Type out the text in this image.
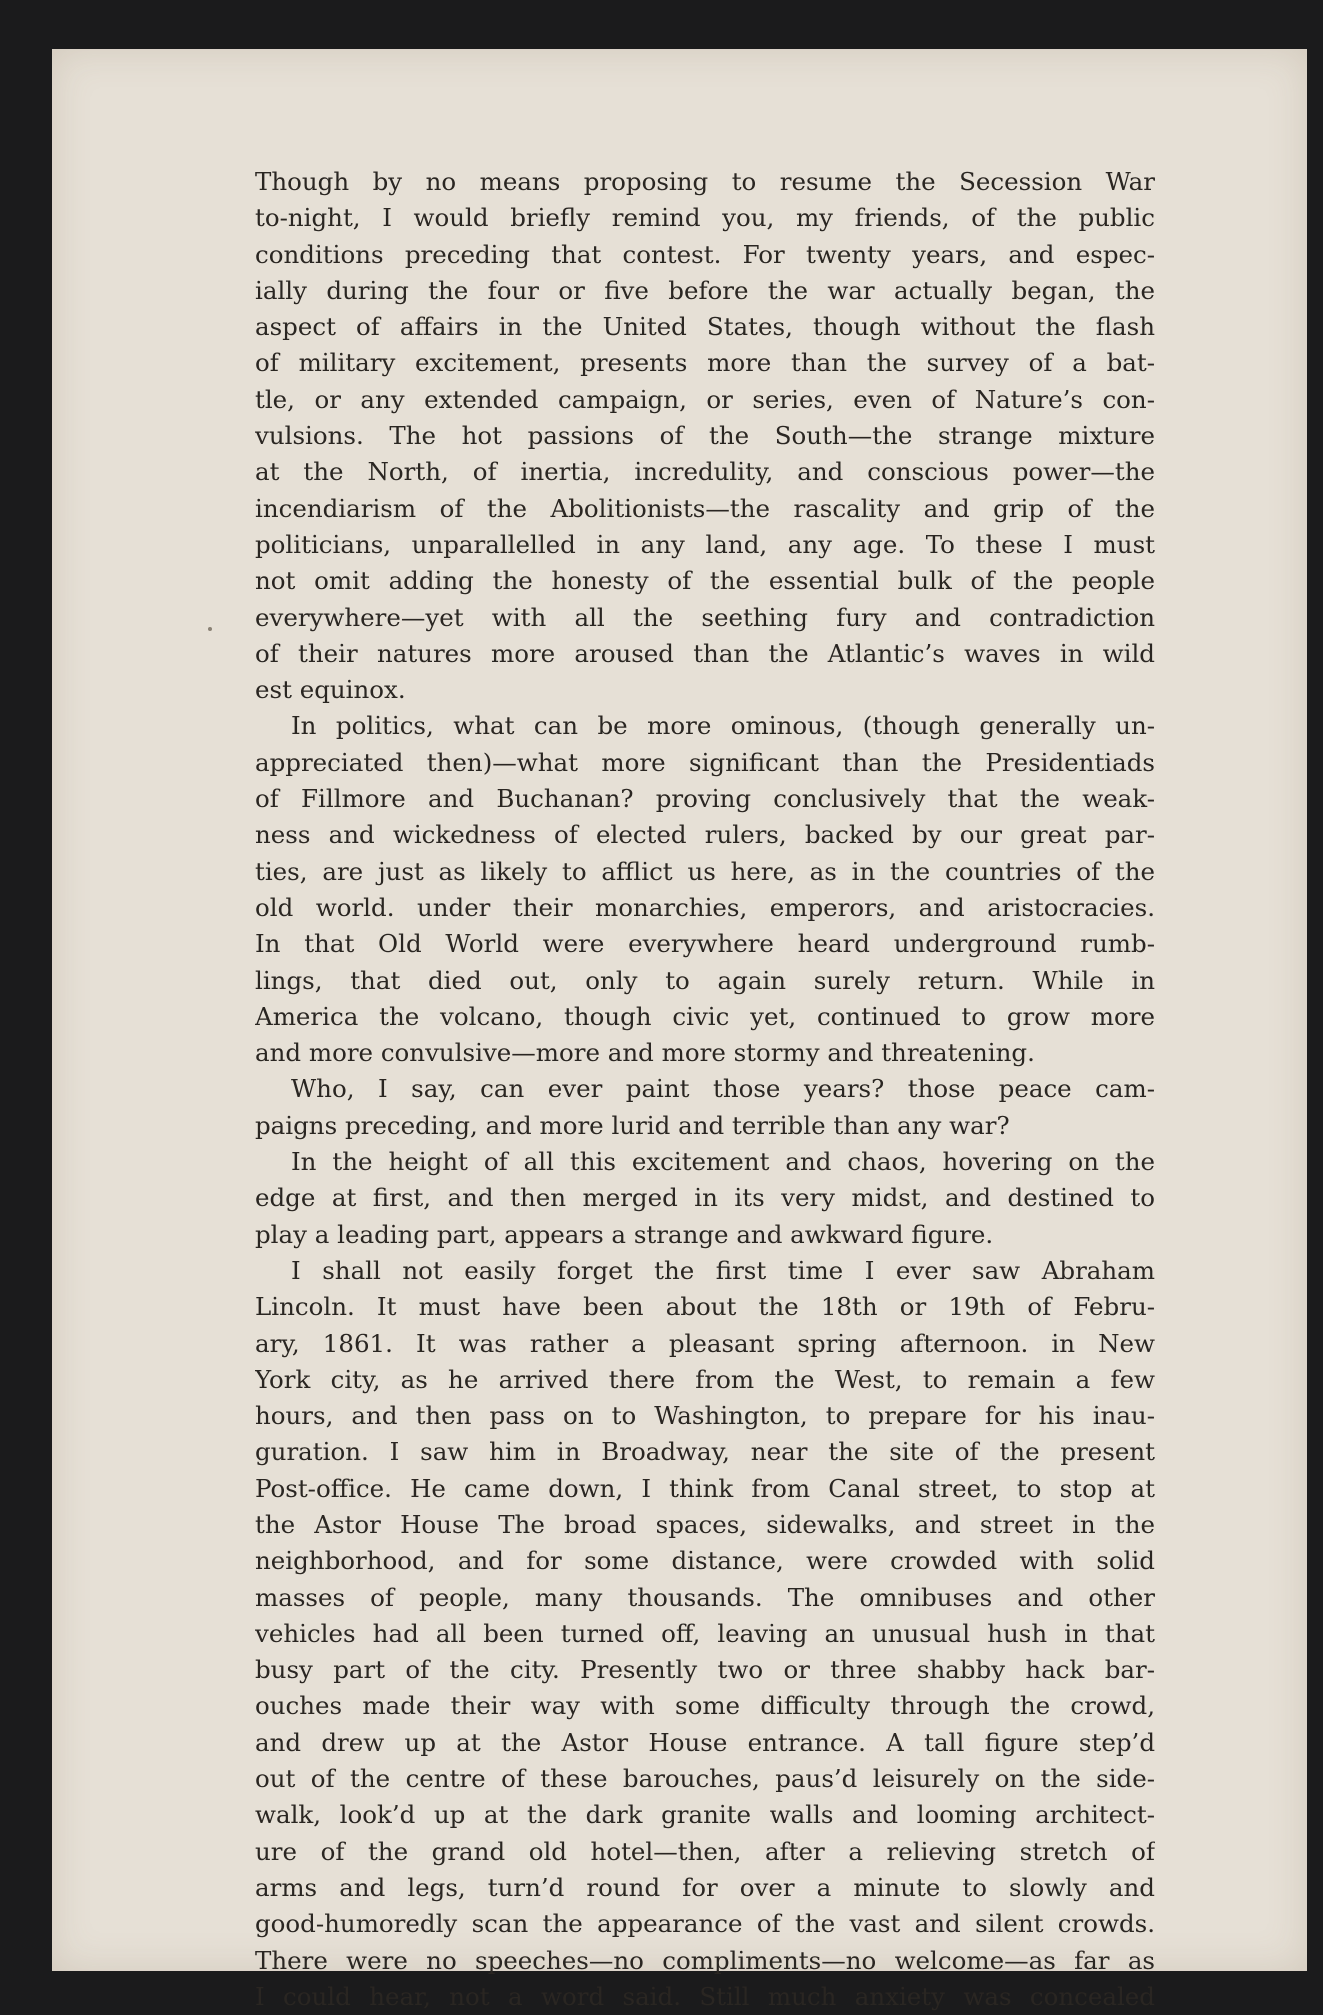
Though by no means proposing to resume the Secession War
to-night, I would briefly remind you, my friends, of the public
conditions preceding that contest. For twenty years, and espec-
ially during the four or five before the war actually began, the
aspect of affairs in the United States, though without the flash
of military excitement, presents more than the survey of a bat-
tle, or any extended campaign, or series, even of Nature’s con-
vulsions. The hot passions of the South—the strange mixture
at the North, of inertia, incredulity, and conscious power—the
incendiarism of the Abolitionists—the rascality and grip of the
politicians, unparallelled in any land, any age. To these I must
not omit adding the honesty of the essential bulk of the people
everywhere—yet with all the seething fury and contradiction
of their natures more aroused than the Atlantic’s waves in wild
est equinox.
In politics, what can be more ominous, (though generally un-
appreciated then)—what more significant than the Presidentiads
of Fillmore and Buchanan? proving conclusively that the weak-
ness and wickedness of elected rulers, backed by our great par-
ties, are just as likely to afflict us here, as in the countries of the
old world. under their monarchies, emperors, and aristocracies.
In that Old World were everywhere heard underground rumb-
lings, that died out, only to again surely return. While in
America the volcano, though civic yet, continued to grow more
and more convulsive—more and more stormy and threatening.
Who, I say, can ever paint those years? those peace cam-
paigns preceding, and more lurid and terrible than any war?
In the height of all this excitement and chaos, hovering on the
edge at first, and then merged in its very midst, and destined to
play a leading part, appears a strange and awkward figure.
I shall not easily forget the first time I ever saw Abraham
Lincoln. It must have been about the 18th or 19th of Febru-
ary, 1861. It was rather a pleasant spring afternoon. in New
York city, as he arrived there from the West, to remain a few
hours, and then pass on to Washington, to prepare for his inau-
guration. I saw him in Broadway, near the site of the present
Post-office. He came down, I think from Canal street, to stop at
the Astor House The broad spaces, sidewalks, and street in the
neighborhood, and for some distance, were crowded with solid
masses of people, many thousands. The omnibuses and other
vehicles had all been turned off, leaving an unusual hush in that
busy part of the city. Presently two or three shabby hack bar-
ouches made their way with some difficulty through the crowd,
and drew up at the Astor House entrance. A tall figure step’d
out of the centre of these barouches, paus’d leisurely on the side-
walk, look’d up at the dark granite walls and looming architect-
ure of the grand old hotel—then, after a relieving stretch of
arms and legs, turn’d round for over a minute to slowly and
good-humoredly scan the appearance of the vast and silent crowds.
There were no speeches—no compliments—no welcome—as far as
I could hear, not a word said. Still much anxiety was concealed
